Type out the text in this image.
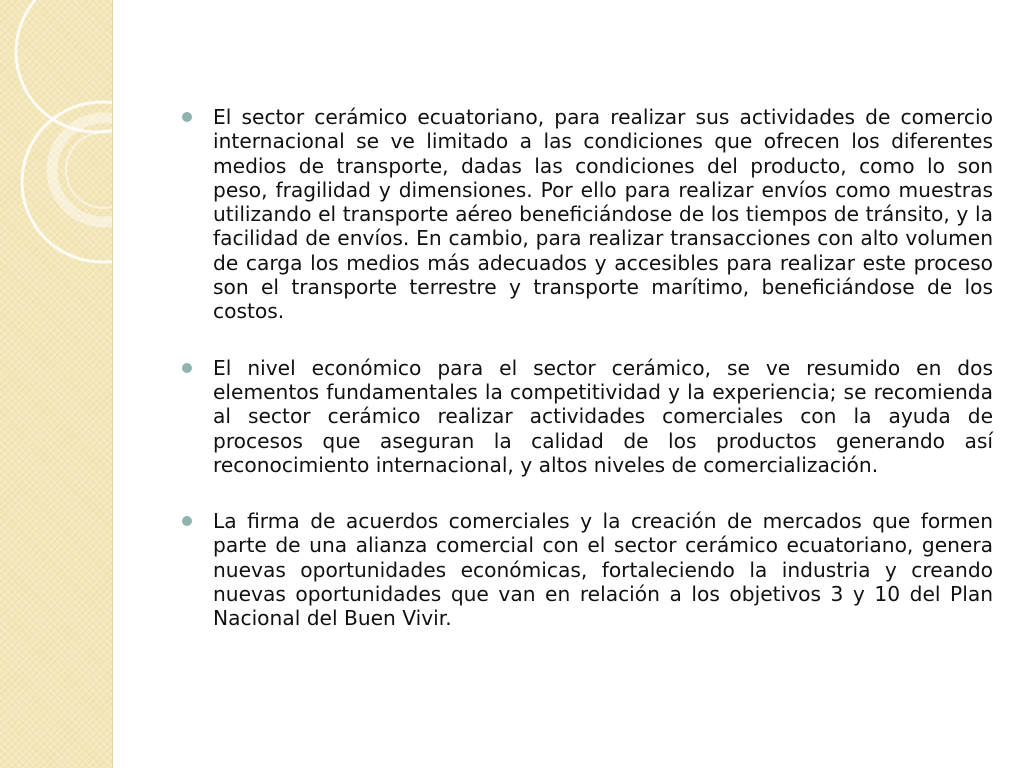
El sector cerámico ecuatoriano, para realizar sus actividades de comercio internacional se ve limitado a las condiciones que ofrecen los diferentes medios de transporte, dadas las condiciones del producto, como lo son peso, fragilidad y dimensiones. Por ello para realizar envíos como muestras utilizando el transporte aéreo beneficiándose de los tiempos de tránsito, y la facilidad de envíos. En cambio, para realizar transacciones con alto volumen de carga los medios más adecuados y accesibles para realizar este proceso son el transporte terrestre y transporte marítimo, beneficiándose de los costos.
El nivel económico para el sector cerámico, se ve resumido en dos elementos fundamentales la competitividad y la experiencia; se recomienda al sector cerámico realizar actividades comerciales con la ayuda de procesos que aseguran la calidad de los productos generando así reconocimiento internacional, y altos niveles de comercialización.
La firma de acuerdos comerciales y la creación de mercados que formen parte de una alianza comercial con el sector cerámico ecuatoriano, genera nuevas oportunidades económicas, fortaleciendo la industria y creando nuevas oportunidades que van en relación a los objetivos 3 y 10 del Plan Nacional del Buen Vivir.
